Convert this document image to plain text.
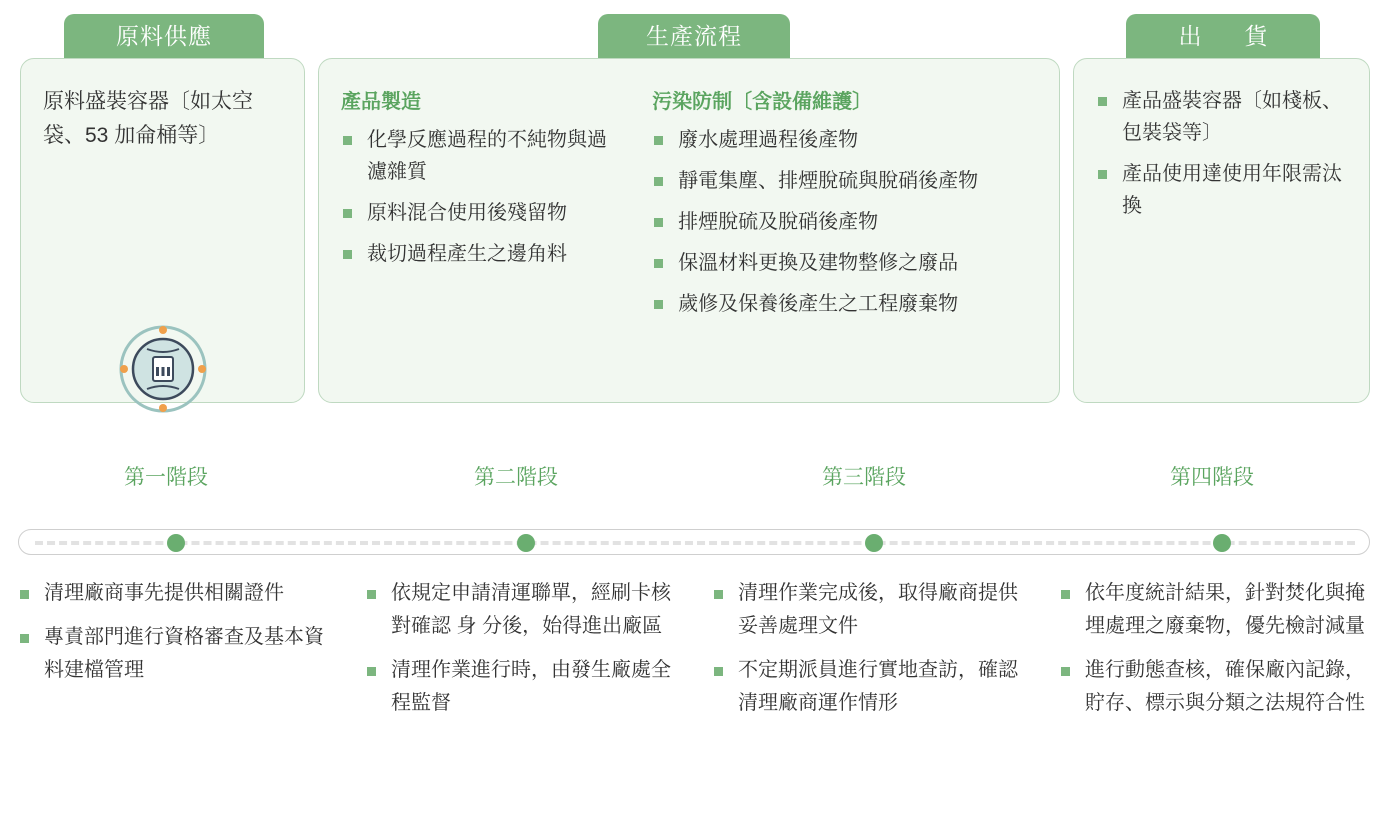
原料供應	生產流程	出　貨
原料盛裝容器〔如太空袋、53 加侖桶等〕

產品製造

化學反應過程的不純物與過濾雜質
原料混合使用後殘留物
裁切過程產生之邊角料

污染防制〔含設備維護〕

廢水處理過程後產物
靜電集塵、排煙脫硫與脫硝後產物
排煙脫硫及脫硝後產物
保溫材料更換及建物整修之廢品
歲修及保養後產生之工程廢棄物
產品盛裝容器〔如棧板、包裝袋等〕
產品使用達使用年限需汰換
第一階段	第二階段	第三階段	第四階段
清理廠商事先提供相關證件
專責部門進行資格審查及基本資料建檔管理
依規定申請清運聯單，經刷卡核對確認 身 分後，始得進出廠區
清理作業進行時，由發生廠處全程監督
清理作業完成後，取得廠商提供妥善處理文件
不定期派員進行實地查訪，確認清理廠商運作情形
依年度統計結果，針對焚化與掩埋處理之廢棄物，優先檢討減量
進行動態查核，確保廠內記錄，貯存、標示與分類之法規符合性
